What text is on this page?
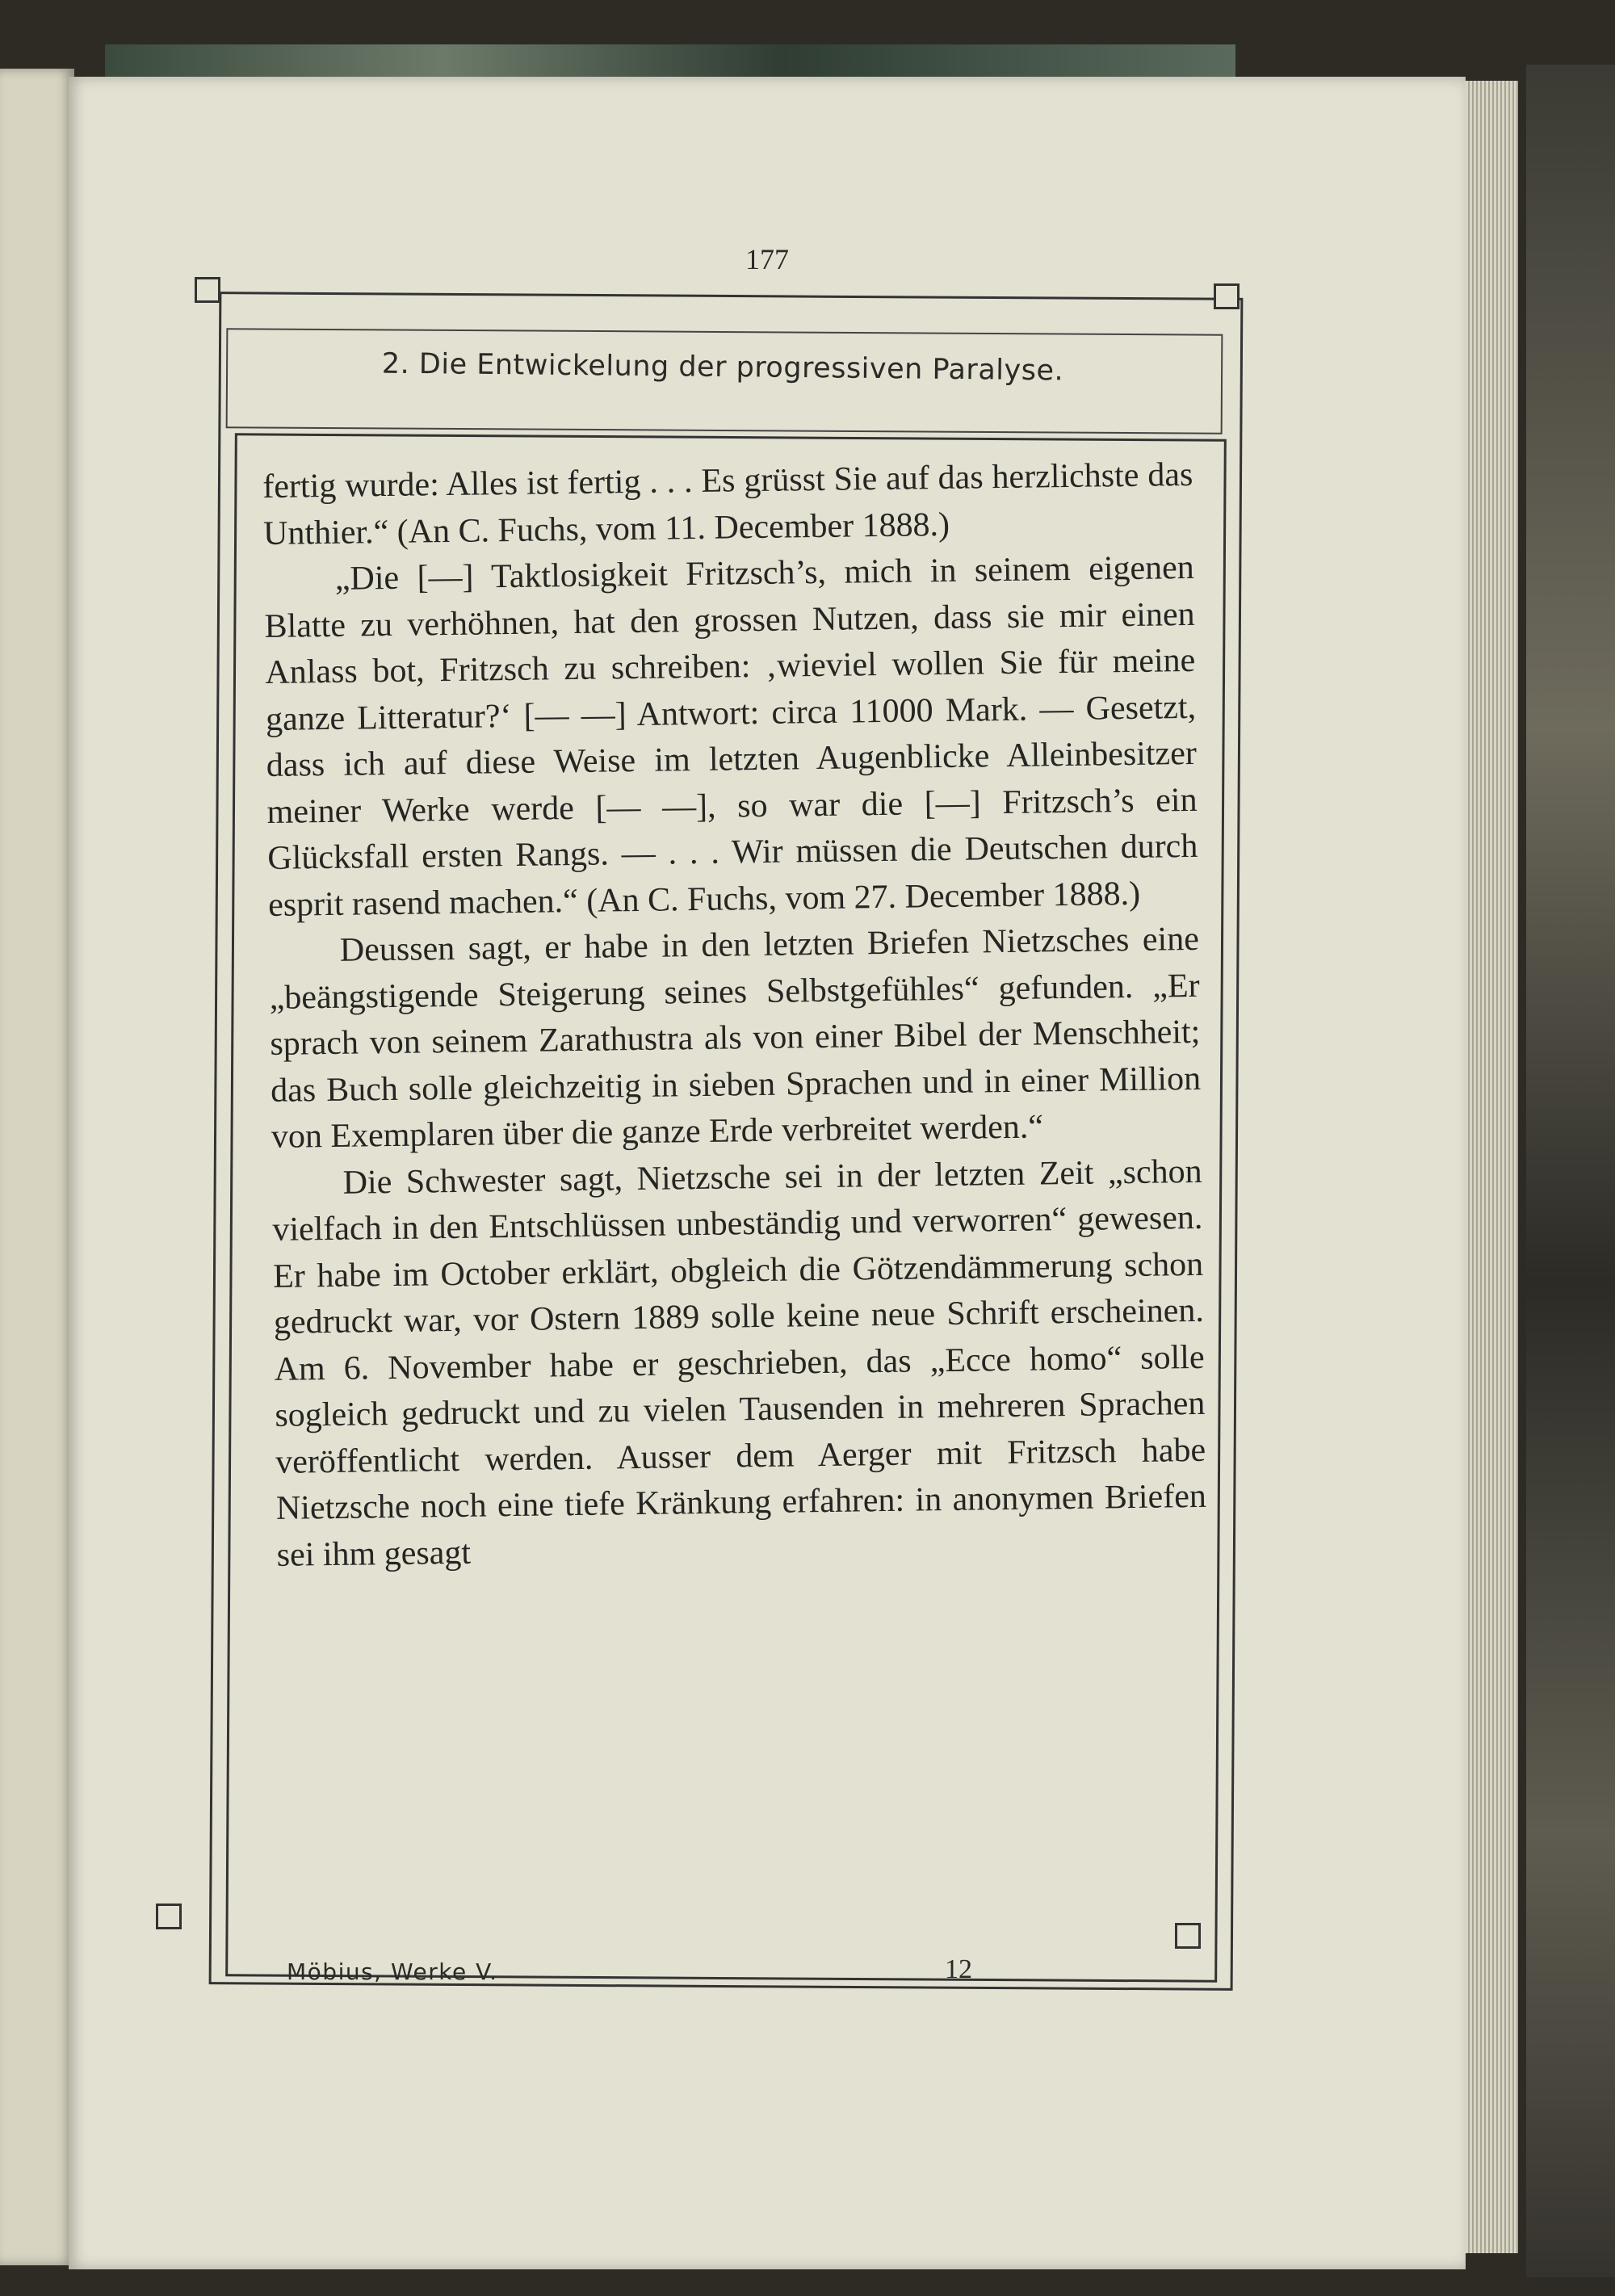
177
2. Die Entwickelung der progressiven Paralyse.

fertig wurde: Alles ist fertig . . . Es grüsst Sie auf das herzlichste das Unthier.“ (An C. Fuchs, vom 11. December 1888.)

„Die [—] Taktlosigkeit Fritzsch’s, mich in seinem eigenen Blatte zu verhöhnen, hat den grossen Nutzen, dass sie mir einen Anlass bot, Fritzsch zu schreiben: ‚wieviel wollen Sie für meine ganze Litteratur?‘ [— —] Antwort: circa 11000 Mark. — Gesetzt, dass ich auf diese Weise im letzten Augenblicke Alleinbesitzer meiner Werke werde [— —], so war die [—] Fritzsch’s ein Glücksfall ersten Rangs. — . . . Wir müssen die Deutschen durch esprit rasend machen.“ (An C. Fuchs, vom 27. December 1888.)

Deussen sagt, er habe in den letzten Briefen Nietzsches eine „beängstigende Steigerung seines Selbstgefühles“ gefunden. „Er sprach von seinem Zarathustra als von einer Bibel der Menschheit; das Buch solle gleichzeitig in sieben Sprachen und in einer Million von Exemplaren über die ganze Erde verbreitet werden.“

Die Schwester sagt, Nietzsche sei in der letzten Zeit „schon vielfach in den Entschlüssen unbeständig und verworren“ gewesen. Er habe im October erklärt, obgleich die Götzendämmerung schon gedruckt war, vor Ostern 1889 solle keine neue Schrift erscheinen. Am 6. November habe er geschrieben, das „Ecce homo“ solle sogleich gedruckt und zu vielen Tausenden in mehreren Sprachen veröffentlicht werden. Ausser dem Aerger mit Fritzsch habe Nietzsche noch eine tiefe Kränkung erfahren: in anonymen Briefen sei ihm gesagt

Möbius, Werke V.	12
